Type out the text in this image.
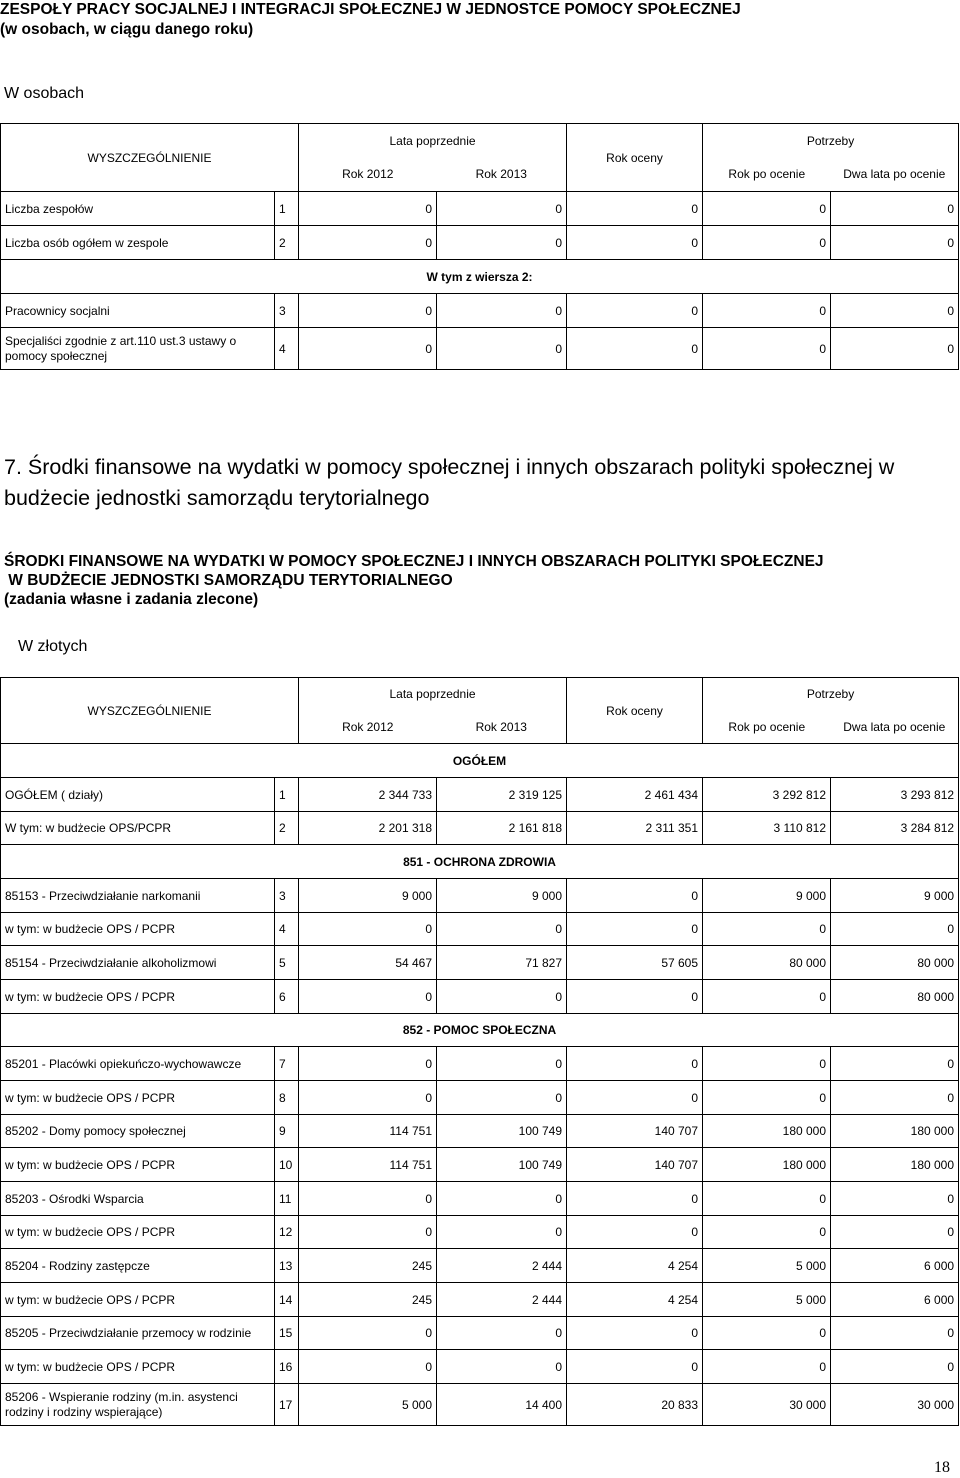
ZESPOŁY PRACY SOCJALNEJ I INTEGRACJI SPOŁECZNEJ W JEDNOSTCE POMOCY SPOŁECZNEJ
(w osobach, w ciągu danego roku)
W osobach
WYSZCZEGÓLNIENIE		Lata poprzednie		Rok oceny	Potrzeby	
		Rok 2012	Rok 2013		Rok po ocenie	Dwa lata po ocenie
Liczba zespołów	1	0	0	0	0	0
Liczba osób ogółem w zespole	2	0	0	0	0	0
W tym z wiersza 2:						
Pracownicy socjalni	3	0	0	0	0	0
Specjaliści zgodnie z art.110 ust.3 ustawy o pomocy społecznej	4	0	0	0	0	0
7. Środki finansowe na wydatki w pomocy społecznej i innych obszarach polityki społecznej w budżecie jednostki samorządu terytorialnego
ŚRODKI FINANSOWE NA WYDATKI W POMOCY SPOŁECZNEJ I INNYCH OBSZARACH POLITYKI SPOŁECZNEJ
W BUDŻECIE JEDNOSTKI SAMORZĄDU TERYTORIALNEGO
(zadania własne i zadania zlecone)
W złotych
WYSZCZEGÓLNIENIE		Lata poprzednie		Rok oceny	Potrzeby	
		Rok 2012	Rok 2013		Rok po ocenie	Dwa lata po ocenie
OGÓŁEM						
OGÓŁEM ( działy)	1	2 344 733	2 319 125	2 461 434	3 292 812	3 293 812
W tym: w budżecie OPS/PCPR	2	2 201 318	2 161 818	2 311 351	3 110 812	3 284 812
851 - OCHRONA ZDROWIA						
85153 - Przeciwdziałanie narkomanii	3	9 000	9 000	0	9 000	9 000
w tym: w budżecie OPS / PCPR	4	0	0	0	0	0
85154 - Przeciwdziałanie alkoholizmowi	5	54 467	71 827	57 605	80 000	80 000
w tym: w budżecie OPS / PCPR	6	0	0	0	0	80 000
852 - POMOC SPOŁECZNA						
85201 - Placówki opiekuńczo-wychowawcze	7	0	0	0	0	0
w tym: w budżecie OPS / PCPR	8	0	0	0	0	0
85202 - Domy pomocy społecznej	9	114 751	100 749	140 707	180 000	180 000
w tym: w budżecie OPS / PCPR	10	114 751	100 749	140 707	180 000	180 000
85203 - Ośrodki Wsparcia	11	0	0	0	0	0
w tym: w budżecie OPS / PCPR	12	0	0	0	0	0
85204 - Rodziny zastępcze	13	245	2 444	4 254	5 000	6 000
w tym: w budżecie OPS / PCPR	14	245	2 444	4 254	5 000	6 000
85205 - Przeciwdziałanie przemocy w rodzinie	15	0	0	0	0	0
w tym: w budżecie OPS / PCPR	16	0	0	0	0	0
85206 - Wspieranie rodziny (m.in. asystenci rodziny i rodziny wspierające)	17	5 000	14 400	20 833	30 000	30 000
18
